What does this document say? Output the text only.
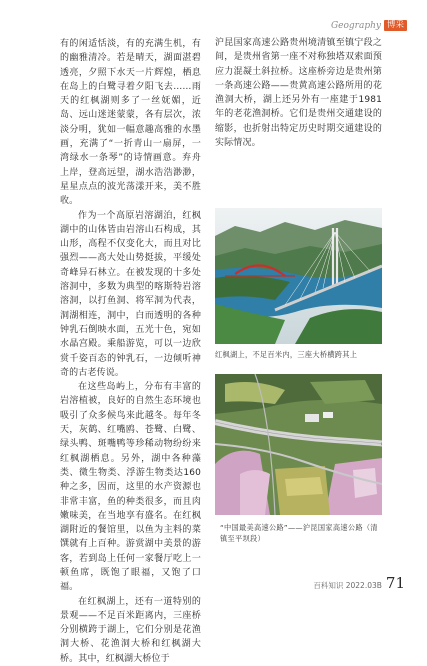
Geography 博采

有的闲适恬淡，有的充满生机，有的幽雅清冷。若是晴天，湖面湛碧透亮，夕照下水天一片辉煌，栖息在岛上的白鹭寻着夕阳飞去……雨天的红枫湖则多了一丝妩媚，近岛、远山迷迷蒙蒙，各有层次，浓淡分明，犹如一幅意趣高雅的水墨画，充满了“一折青山一扇屏，一湾绿水一条琴”的诗情画意。弃舟上岸，登高远望，湖水浩浩渺渺，星星点点的波光荡漾开来，美不胜收。

作为一个高原岩溶湖泊，红枫湖中的山体皆由岩溶山石构成，其山形，高程不仅变化大，而且对比强烈——高大处山势挺拔，平缓处奇峰异石林立。在被发现的十多处溶洞中，多数为典型的喀斯特岩溶溶洞，以打鱼洞、将军洞为代表，洞湖相连，洞中，白而透明的各种钟乳石倒映水面，五光十色，宛如水晶宫殿。乘船游览，可以一边欣赏千姿百态的钟乳石，一边倾听神奇的古老传说。

在这些岛屿上，分布有丰富的岩溶植被，良好的自然生态环境也吸引了众多候鸟来此越冬。每年冬天，灰鹤、红嘴鸥、苍鹭、白鹭、绿头鸭、斑嘴鸭等珍稀动物纷纷来红枫湖栖息。另外，湖中各种藻类、微生物类、浮游生物类达160种之多，因而，这里的水产资源也非常丰富，鱼的种类很多，而且肉嫩味美，在当地享有盛名。在红枫湖附近的餐馆里，以鱼为主料的菜馔就有上百种。游赏湖中美景的游客，若到岛上任何一家餐厅吃上一顿鱼席，既饱了眼福，又饱了口福。

在红枫湖上，还有一道特别的景观——不足百米距离内，三座桥分别横跨于湖上，它们分别是花渔洞大桥、花渔洞大桥和红枫湖大桥。其中，红枫湖大桥位于

沪昆国家高速公路贵州境清镇至镇宁段之间，是贵州省第一座不对称独塔双索面预应力混凝土斜拉桥。这座桥旁边是贵州第一条高速公路——贵黄高速公路所用的花渔洞大桥，湖上还另外有一座建于1981年的老花渔洞桥。它们是贵州交通建设的缩影，也折射出特定历史时期交通建设的实际情况。

红枫湖上，不足百米内，三座大桥横跨其上
“中国最美高速公路”——沪昆国家高速公路（清镇至平坝段）
百科知识 2022.03B 71
